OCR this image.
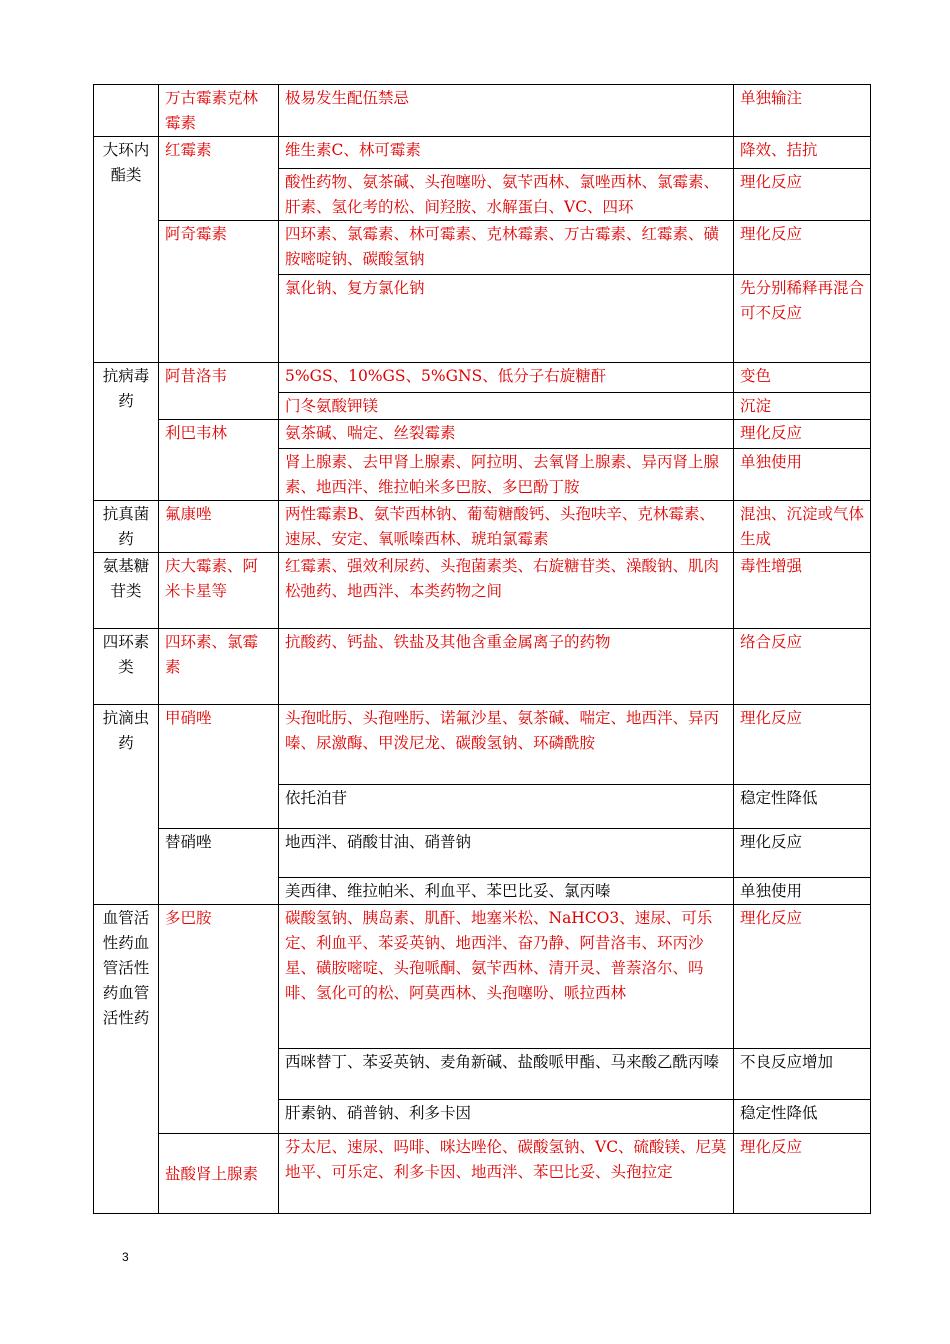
	万古霉素克林霉素	极易发生配伍禁忌	单独输注
大环内酯类	红霉素	维生素C、林可霉素	降效、拮抗
		酸性药物、氨茶碱、头孢噻吩、氨苄西林、氯唑西林、氯霉素、肝素、氢化考的松、间羟胺、水解蛋白、VC、四环	理化反应
	阿奇霉素	四环素、氯霉素、林可霉素、克林霉素、万古霉素、红霉素、磺胺嘧啶钠、碳酸氢钠	理化反应
		氯化钠、复方氯化钠	先分别稀释再混合可不反应
抗病毒药	阿昔洛韦	5%GS、10%GS、5%GNS、低分子右旋糖酐	变色
		门冬氨酸钾镁	沉淀
	利巴韦林	氨茶碱、喘定、丝裂霉素	理化反应
		肾上腺素、去甲肾上腺素、阿拉明、去氧肾上腺素、异丙肾上腺素、地西泮、维拉帕米多巴胺、多巴酚丁胺	单独使用
抗真菌药	氟康唑	两性霉素B、氨苄西林钠、葡萄糖酸钙、头孢呋辛、克林霉素、速尿、安定、氧哌嗪西林、琥珀氯霉素	混浊、沉淀或气体生成
氨基糖苷类	庆大霉素、阿米卡星等	红霉素、强效利尿药、头孢菌素类、右旋糖苷类、澡酸钠、肌肉松弛药、地西泮、本类药物之间	毒性增强
四环素类	四环素、氯霉素	抗酸药、钙盐、铁盐及其他含重金属离子的药物	络合反应
抗滴虫药	甲硝唑	头孢吡肟、头孢唑肟、诺氟沙星、氨茶碱、喘定、地西泮、异丙嗪、尿激酶、甲泼尼龙、碳酸氢钠、环磷酰胺	理化反应
		依托泊苷	稳定性降低
	替硝唑	地西泮、硝酸甘油、硝普钠	理化反应
		美西律、维拉帕米、利血平、苯巴比妥、氯丙嗪	单独使用
血管活性药血管活性药血管活性药	多巴胺	碳酸氢钠、胰岛素、肌酐、地塞米松、NaHCO3、速尿、可乐定、利血平、苯妥英钠、地西泮、奋乃静、阿昔洛韦、环丙沙星、磺胺嘧啶、头孢哌酮、氨苄西林、清开灵、普萘洛尔、吗啡、氢化可的松、阿莫西林、头孢噻吩、哌拉西林	理化反应
		西咪替丁、苯妥英钠、麦角新碱、盐酸哌甲酯、马来酸乙酰丙嗪	不良反应增加
		肝素钠、硝普钠、利多卡因	稳定性降低
	盐酸肾上腺素	芬太尼、速尿、吗啡、咪达唑伦、碳酸氢钠、VC、硫酸镁、尼莫地平、可乐定、利多卡因、地西泮、苯巴比妥、头孢拉定	理化反应
3
